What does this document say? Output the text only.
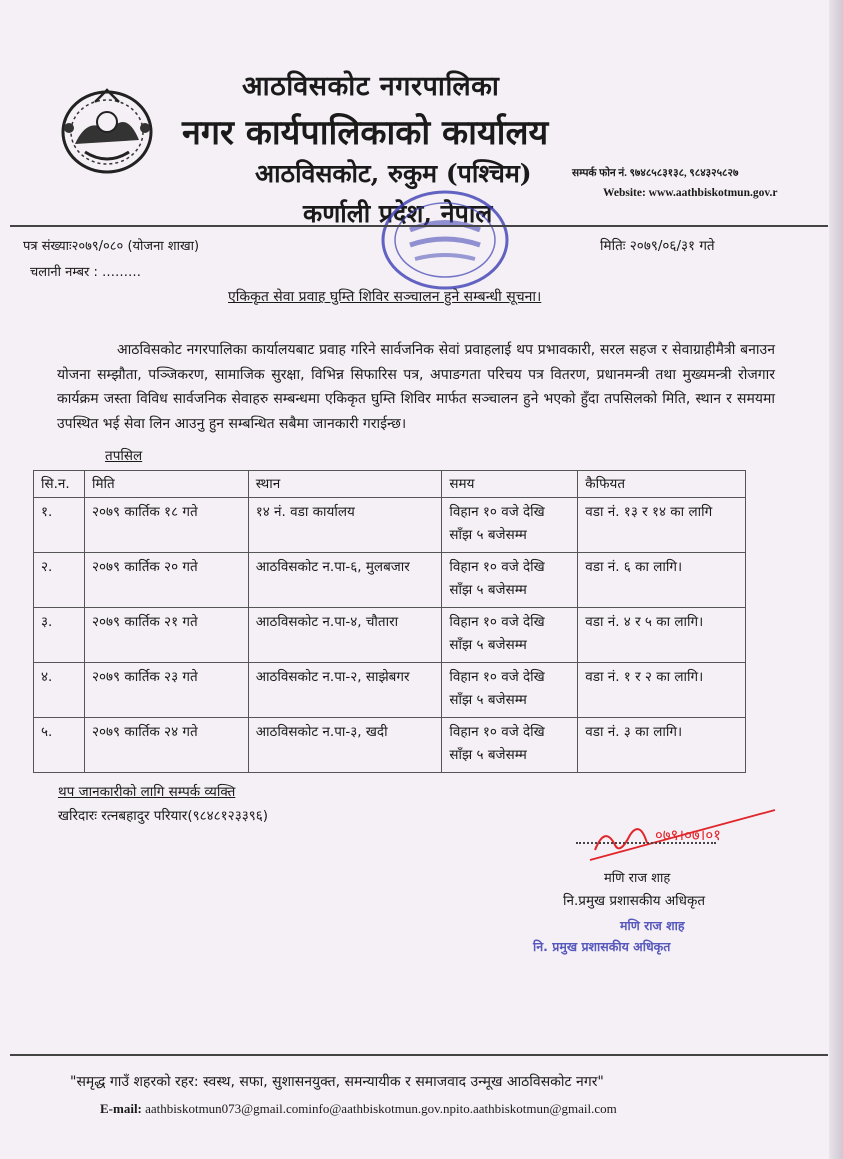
आठविसकोट नगरपालिका
नगर कार्यपालिकाको कार्यालय
आठविसकोट, रुकुम (पश्चिम)
कर्णाली प्रदेश, नेपाल
सम्पर्क फोन नं. ९७४८५८३१३८, ९८४३२५८२७
Website: www.aathbiskotmun.gov.r
पत्र संख्याः२०७९/०८० (योजना शाखा)
चलानी नम्बर : ………
मितिः २०७९/०६/३१ गते
एकिकृत सेवा प्रवाह घुम्ति शिविर सञ्चालन हुने सम्बन्धी सूचना।
आठविसकोट नगरपालिका कार्यालयबाट प्रवाह गरिने सार्वजनिक सेवां प्रवाहलाई थप प्रभावकारी, सरल सहज र सेवाग्राहीमैत्री बनाउन योजना सम्झौता, पञ्जिकरण, सामाजिक सुरक्षा, विभिन्न सिफारिस पत्र, अपाङगता परिचय पत्र वितरण, प्रधानमन्त्री तथा मुख्यमन्त्री रोजगार कार्यक्रम जस्ता विविध सार्वजनिक सेवाहरु सम्बन्धमा एकिकृत घुम्ति शिविर मार्फत सञ्चालन हुने भएको हुँदा तपसिलको मिति, स्थान र समयमा उपस्थित भई सेवा लिन आउनु हुन सम्बन्धित सबैमा जानकारी गराईन्छ।
तपसिल
सि.न.	मिति	स्थान	समय	कैफियत
१.	२०७९ कार्तिक १८ गते	१४ नं. वडा कार्यालय	विहान १० वजे देखि
साँझ ५ बजेसम्म	वडा नं. १३ र १४ का लागि
२.	२०७९ कार्तिक २० गते	आठविसकोट न.पा-६, मुलबजार	विहान १० वजे देखि
साँझ ५ बजेसम्म	वडा नं. ६ का लागि।
३.	२०७९ कार्तिक २१ गते	आठविसकोट न.पा-४, चौतारा	विहान १० वजे देखि
साँझ ५ बजेसम्म	वडा नं. ४ र ५ का लागि।
४.	२०७९ कार्तिक २३ गते	आठविसकोट न.पा-२, साझेबगर	विहान १० वजे देखि
साँझ ५ बजेसम्म	वडा नं. १ र २ का लागि।
५.	२०७९ कार्तिक २४ गते	आठविसकोट न.पा-३, खदी	विहान १० वजे देखि
साँझ ५ बजेसम्म	वडा नं. ३ का लागि।
थप जानकारीको लागि सम्पर्क व्यक्ति
खरिदारः रत्नबहादुर परियार(९८४८१२३३९६)
०७९।०७।०१
मणि राज शाह
नि.प्रमुख प्रशासकीय अधिकृत
मणि राज शाह
नि. प्रमुख प्रशासकीय अधिकृत
"समृद्ध गाउँ शहरको रहर: स्वस्थ, सफा, सुशासनयुक्त, समन्यायीक र समाजवाद उन्मूख आठविसकोट नगर"
E-mail: aathbiskotmun073@gmail.cominfo@aathbiskotmun.gov.npito.aathbiskotmun@gmail.com
